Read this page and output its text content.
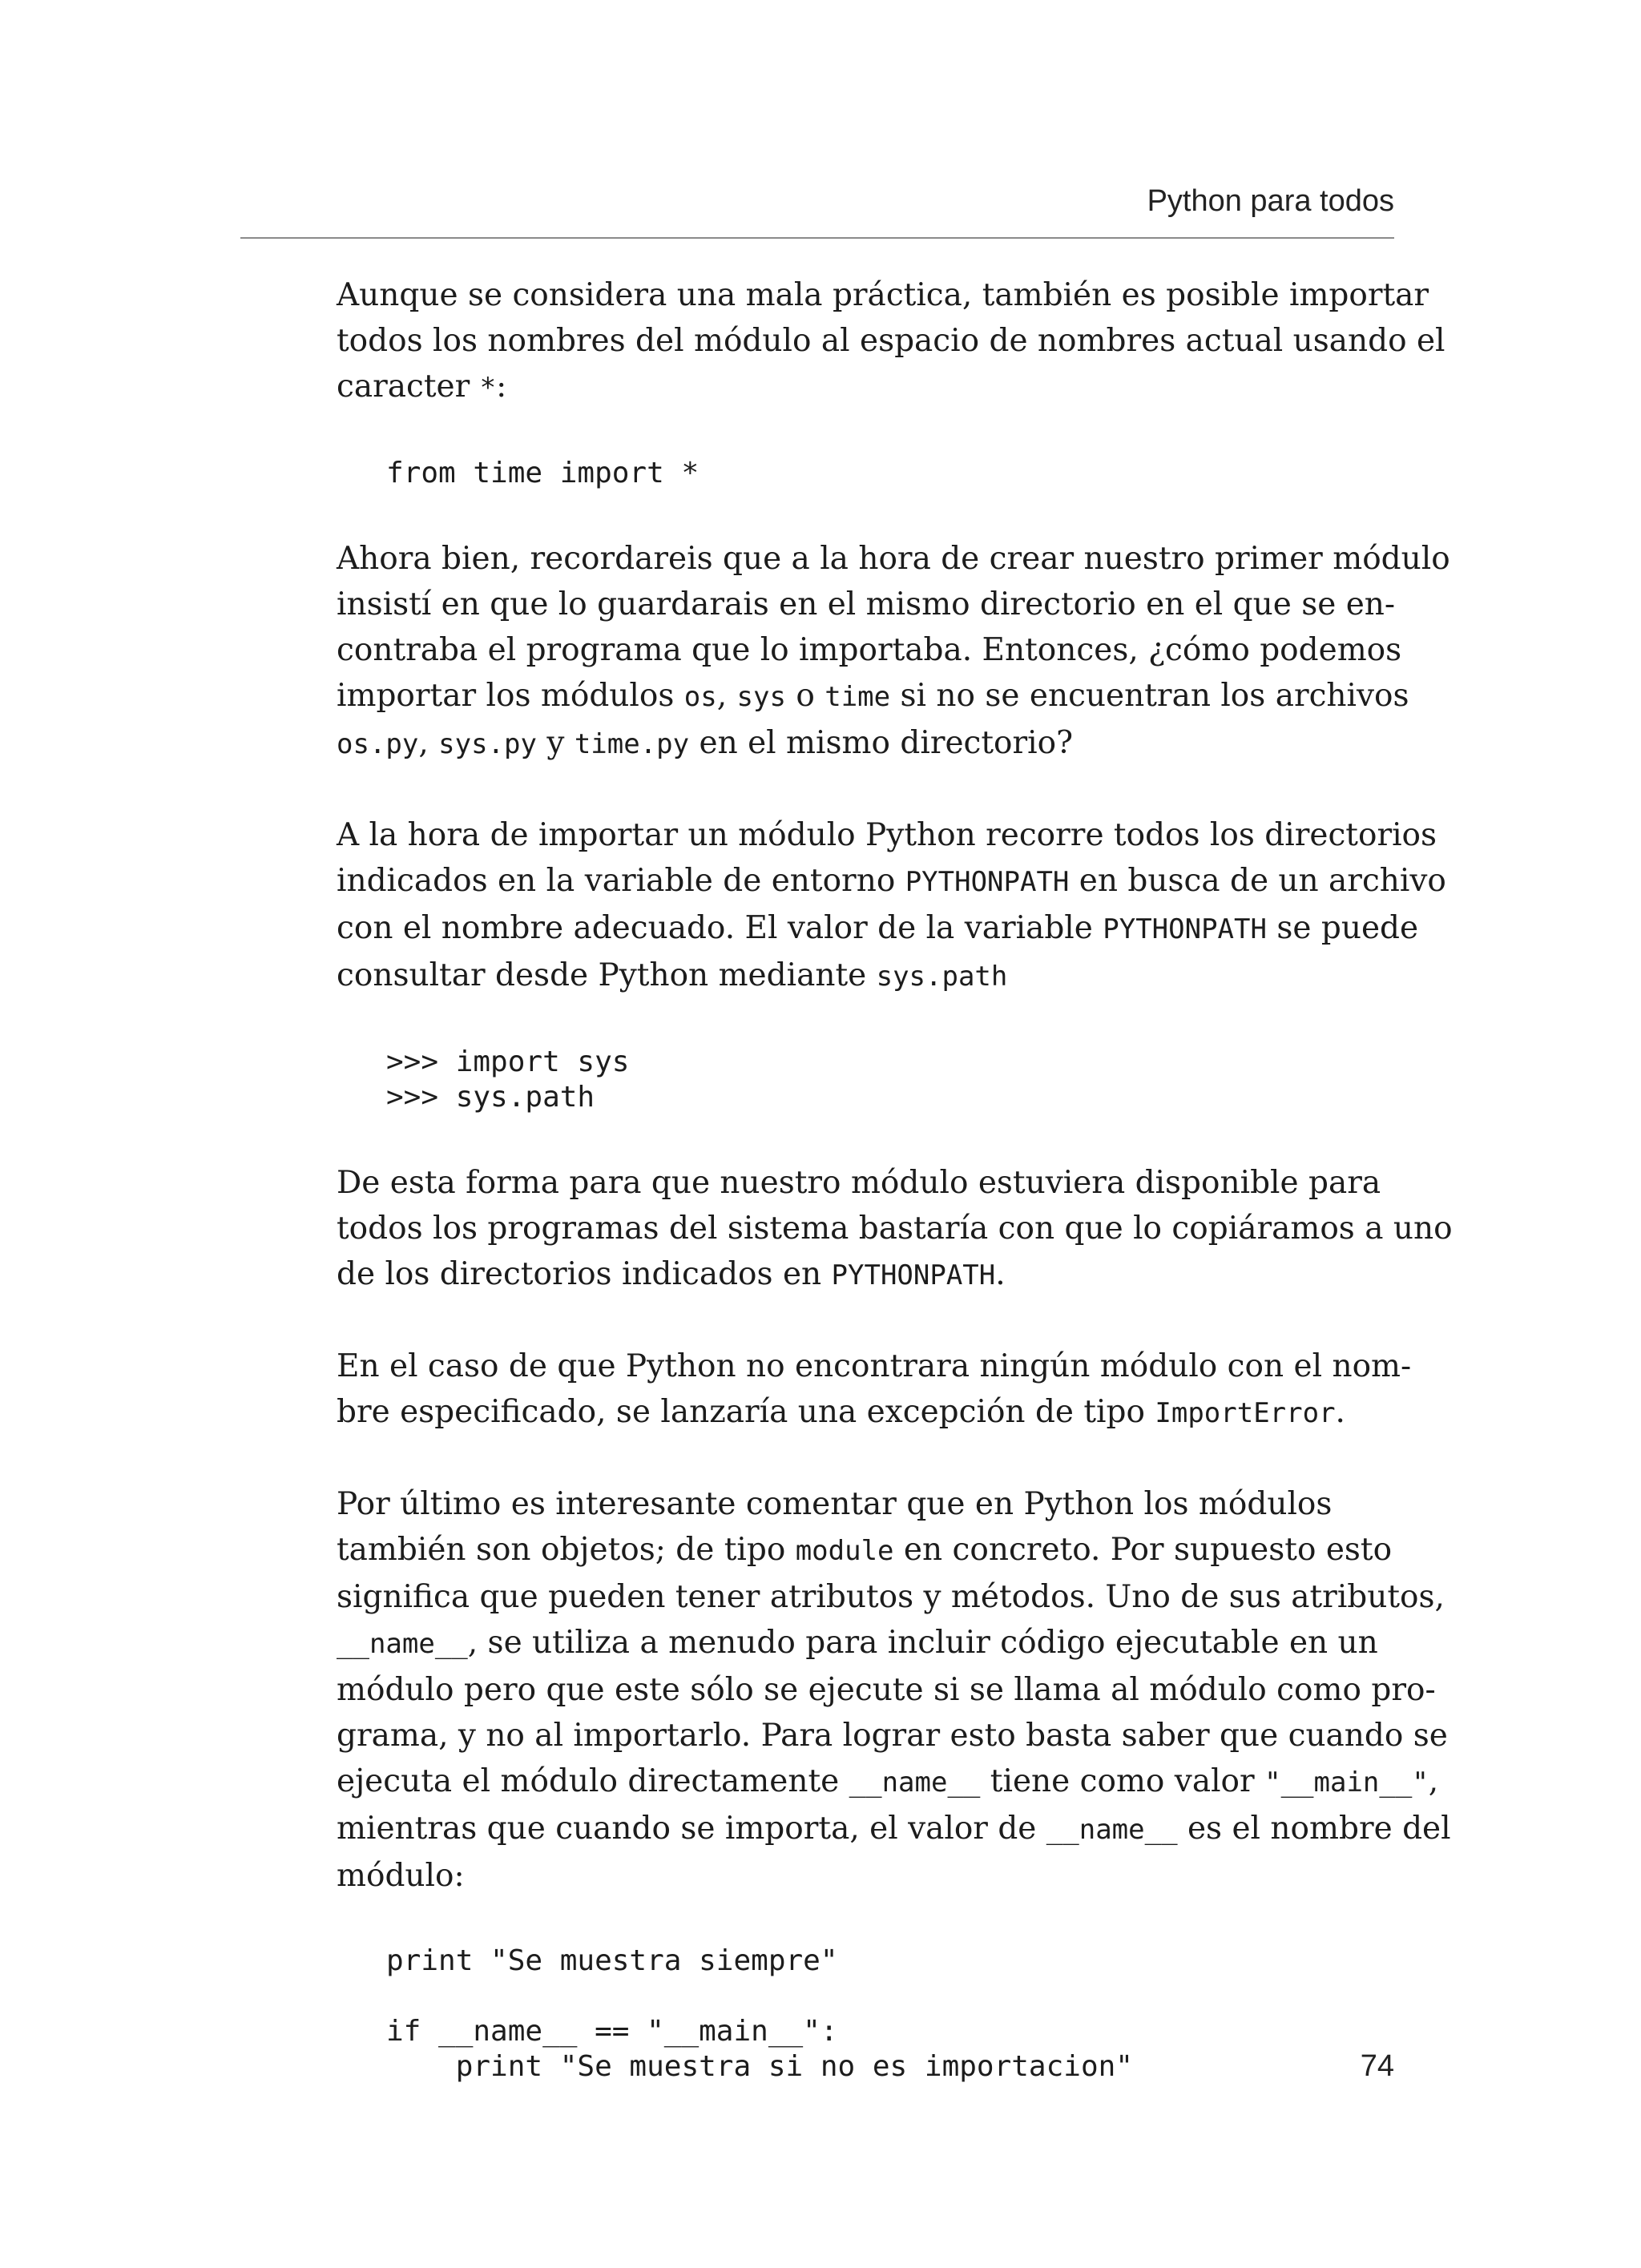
Python para todos

Aunque se considera una mala práctica, también es posible importar
todos los nombres del módulo al espacio de nombres actual usando el
caracter *:

from time import *

Ahora bien, recordareis que a la hora de crear nuestro primer módulo
insistí en que lo guardarais en el mismo directorio en el que se en-
contraba el programa que lo importaba. Entonces, ¿cómo podemos
importar los módulos os, sys o time si no se encuentran los archivos
os.py, sys.py y time.py en el mismo directorio?

A la hora de importar un módulo Python recorre todos los directorios
indicados en la variable de entorno PYTHONPATH en busca de un archivo
con el nombre adecuado. El valor de la variable PYTHONPATH se puede
consultar desde Python mediante sys.path

>>> import sys
>>> sys.path

De esta forma para que nuestro módulo estuviera disponible para
todos los programas del sistema bastaría con que lo copiáramos a uno
de los directorios indicados en PYTHONPATH.

En el caso de que Python no encontrara ningún módulo con el nom-
bre especificado, se lanzaría una excepción de tipo ImportError.

Por último es interesante comentar que en Python los módulos
también son objetos; de tipo module en concreto. Por supuesto esto
significa que pueden tener atributos y métodos. Uno de sus atributos,
__name__, se utiliza a menudo para incluir código ejecutable en un
módulo pero que este sólo se ejecute si se llama al módulo como pro-
grama, y no al importarlo. Para lograr esto basta saber que cuando se
ejecuta el módulo directamente __name__ tiene como valor "__main__",
mientras que cuando se importa, el valor de __name__ es el nombre del
módulo:

print "Se muestra siempre"
if __name__ == "__main__":
print "Se muestra si no es importacion"	74
